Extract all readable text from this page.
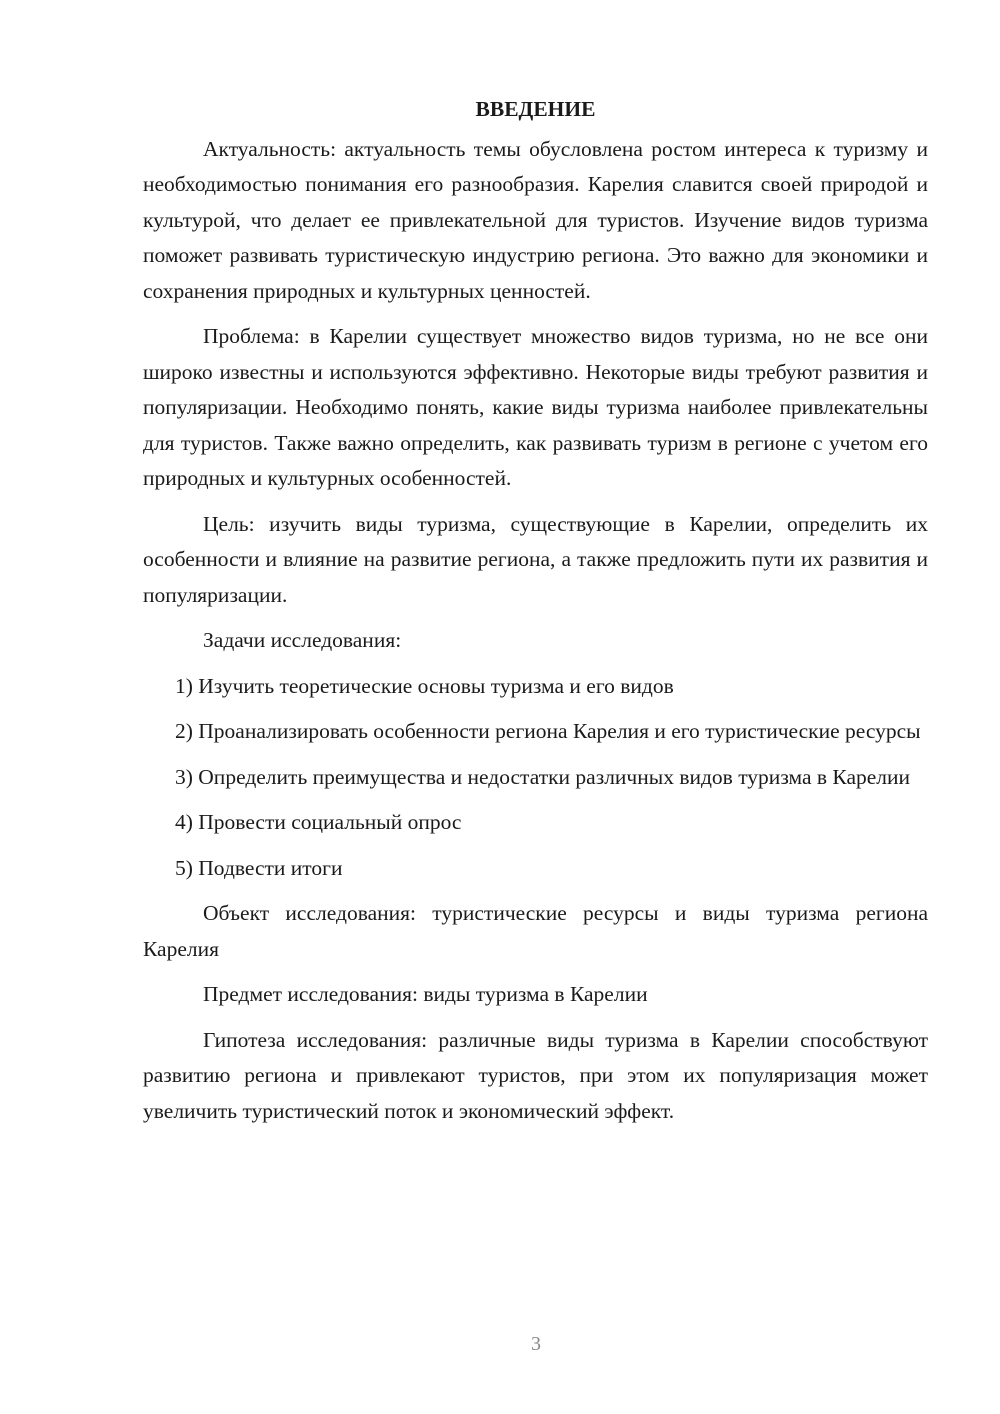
ВВЕДЕНИЕ

Актуальность: актуальность темы обусловлена ростом интереса к туризму и необходимостью понимания его разнообразия. Карелия славится своей природой и культурой, что делает ее привлекательной для туристов. Изучение видов туризма поможет развивать туристическую индустрию региона. Это важно для экономики и сохранения природных и культурных ценностей.

Проблема: в Карелии существует множество видов туризма, но не все они широко известны и используются эффективно. Некоторые виды требуют развития и популяризации. Необходимо понять, какие виды туризма наиболее привлекательны для туристов. Также важно определить, как развивать туризм в регионе с учетом его природных и культурных особенностей.

Цель: изучить виды туризма, существующие в Карелии, определить их особенности и влияние на развитие региона, а также предложить пути их развития и популяризации.

Задачи исследования:

1) Изучить теоретические основы туризма и его видов

2) Проанализировать особенности региона Карелия и его туристические ресурсы

3) Определить преимущества и недостатки различных видов туризма в Карелии

4) Провести социальный опрос

5) Подвести итоги

Объект исследования: туристические ресурсы и виды туризма региона Карелия

Предмет исследования: виды туризма в Карелии

Гипотеза исследования: различные виды туризма в Карелии способствуют развитию региона и привлекают туристов, при этом их популяризация может увеличить туристический поток и экономический эффект.

3
